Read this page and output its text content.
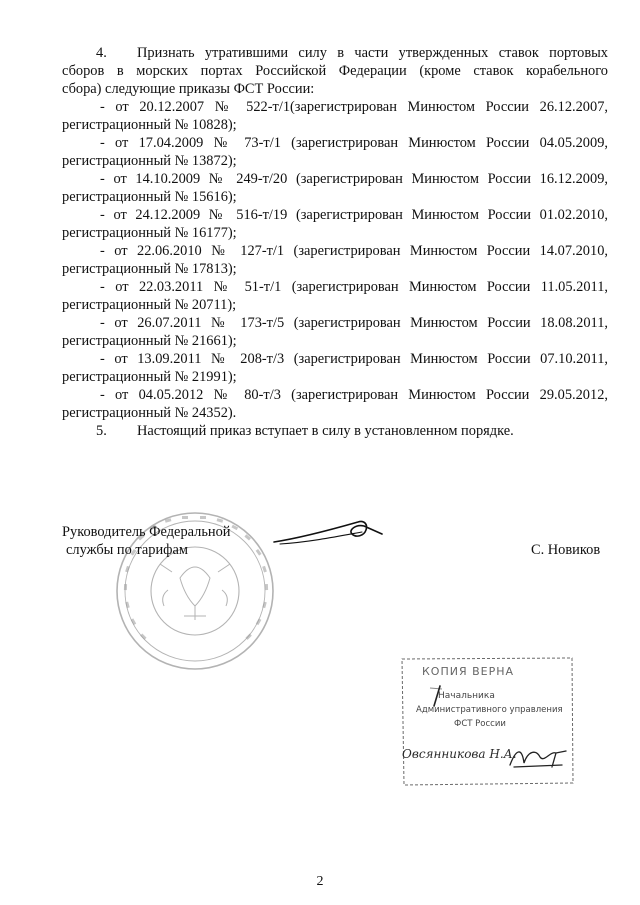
4. Признать утратившими силу в части утвержденных ставок портовых
сборов в морских портах Российской Федерации (кроме ставок корабельного
сбора) следующие приказы ФСТ России:
- от 20.12.2007 № 522-т/1(зарегистрирован Минюстом России 26.12.2007,
регистрационный № 10828);
- от 17.04.2009 № 73-т/1 (зарегистрирован Минюстом России 04.05.2009,
регистрационный № 13872);
- от 14.10.2009 № 249-т/20 (зарегистрирован Минюстом России 16.12.2009,
регистрационный № 15616);
- от 24.12.2009 № 516-т/19 (зарегистрирован Минюстом России 01.02.2010,
регистрационный № 16177);
- от 22.06.2010 № 127-т/1 (зарегистрирован Минюстом России 14.07.2010,
регистрационный № 17813);
- от 22.03.2011 № 51-т/1 (зарегистрирован Минюстом России 11.05.2011,
регистрационный № 20711);
- от 26.07.2011 № 173-т/5 (зарегистрирован Минюстом России 18.08.2011,
регистрационный № 21661);
- от 13.09.2011 № 208-т/3 (зарегистрирован Минюстом России 07.10.2011,
регистрационный № 21991);
- от 04.05.2012 № 80-т/3 (зарегистрирован Минюстом России 29.05.2012,
регистрационный № 24352).
5. Настоящий приказ вступает в силу в установленном порядке.
Руководитель Федеральной
службы по тарифам	С. Новиков
КОПИЯ ВЕРНА
Начальника
Административного управления
ФСТ России
Овсянникова Н.А.
2
